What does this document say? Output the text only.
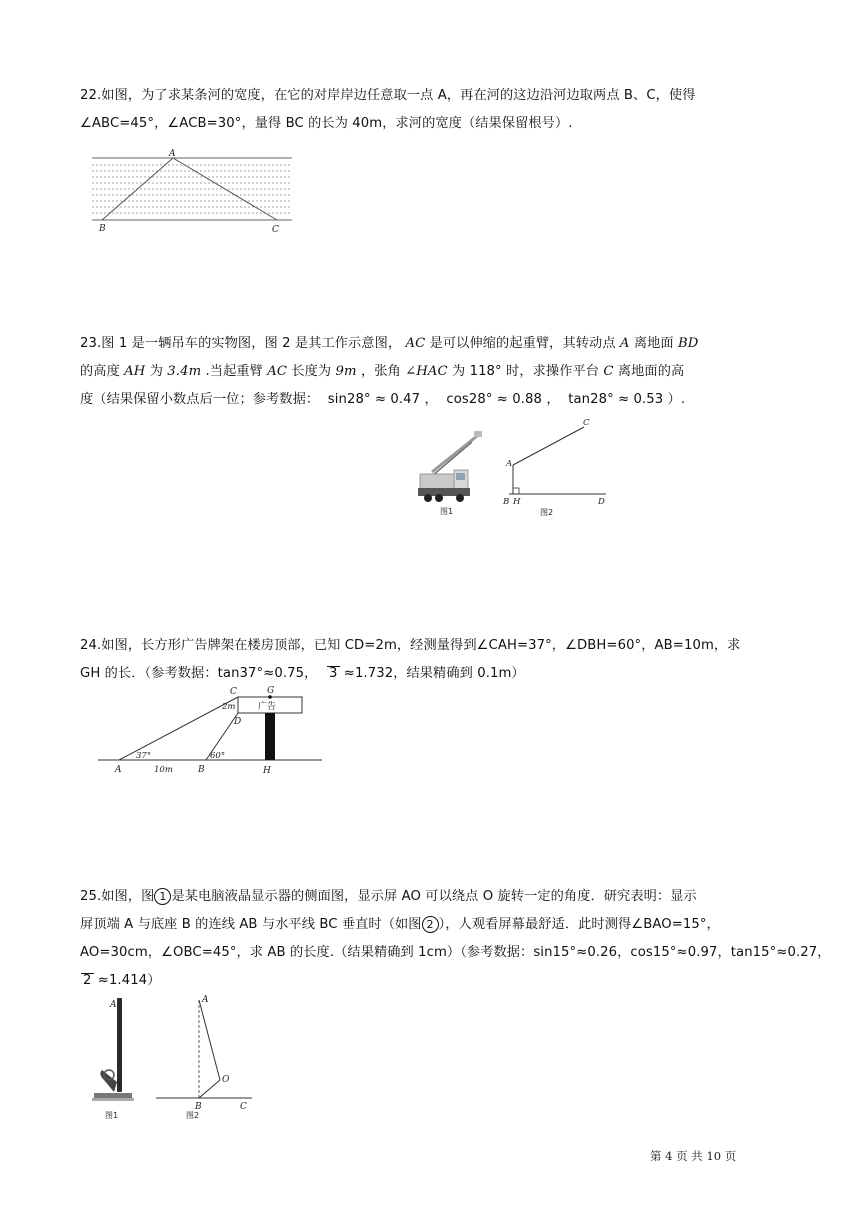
22.如图，为了求某条河的宽度，在它的对岸岸边任意取一点 A，再在河的这边沿河边取两点 B、C，使得
∠ABC=45°，∠ACB=30°，量得 BC 的长为 40m，求河的宽度（结果保留根号）.
A
B	C
23.图 1 是一辆吊车的实物图，图 2 是其工作示意图， AC 是可以伸缩的起重臂，其转动点 A 离地面 BD
的高度 AH 为 3.4m .当起重臂 AC 长度为 9m ，张角 ∠HAC 为 118° 时，求操作平台 C 离地面的高
度（结果保留小数点后一位；参考数据： sin28° ≈ 0.47 ， cos28° ≈ 0.88 ， tan28° ≈ 0.53 ）.
图1
C
A
B H	D
图2
24.如图，长方形广告牌架在楼房顶部，已知 CD=2m，经测量得到∠CAH=37°，∠DBH=60°，AB=10m，求
GH 的长．（参考数据：tan37°≈0.75， 3 ≈1.732，结果精确到 0.1m）
C	G
2m
D
广告
37°	60°
A	10m	B	H
25.如图，图 1 是某电脑液晶显示器的侧面图，显示屏 AO 可以绕点 O 旋转一定的角度．研究表明：显示
屏顶端 A 与底座 B 的连线 AB 与水平线 BC 垂直时（如图 2 ），人观看屏幕最舒适．此时测得∠BAO=15°，
AO=30cm，∠OBC=45°，求 AB 的长度.（结果精确到 1cm）（参考数据：sin15°≈0.26，cos15°≈0.97，tan15°≈0.27，
2 ≈1.414）
A
图1
A
O
B	C
图2
第 4 页 共 10 页
